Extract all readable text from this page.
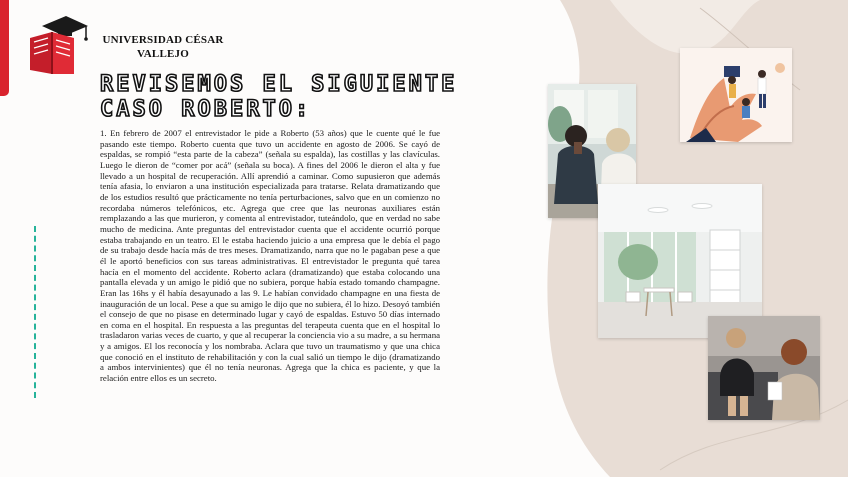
UNIVERSIDAD CÉSAR
VALLEJO
REVISEMOS EL SIGUIENTE
CASO ROBERTO:

1. En febrero de 2007 el entrevistador le pide a Roberto (53 años) que le cuente qué le fue pasando este tiempo. Roberto cuenta que tuvo un accidente en agosto de 2006. Se cayó de espaldas, se rompió “esta parte de la cabeza” (señala su espalda), las costillas y las clavículas. Luego le dieron de “comer por acá” (señala su boca). A fines del 2006 le dieron el alta y fue llevado a un hospital de recuperación. Allí aprendió a caminar. Como supusieron que además tenía afasia, lo enviaron a una institución especializada para tratarse. Relata dramatizando que de los estudios resultó que prácticamente no tenía perturbaciones, salvo que en un comienzo no recordaba números telefónicos, etc. Agrega que cree que las neuronas auxiliares están remplazando a las que murieron, y comenta al entrevistador, tuteándolo, que en verdad no sabe mucho de medicina. Ante preguntas del entrevistador cuenta que el accidente ocurrió porque estaba trabajando en un teatro. El le estaba haciendo juicio a una empresa que le debía el pago de su trabajo desde hacía más de tres meses. Dramatizando, narra que no le pagaban pese a que él le aportó beneficios con sus tareas administrativas. El entrevistador le pregunta qué tarea hacía en el momento del accidente. Roberto aclara (dramatizando) que estaba colocando una pantalla elevada y un amigo le pidió que no subiera, porque había estado tomando champagne. Eran las 16hs y él había desayunado a las 9. Le habían convidado champagne en una fiesta de inauguración de un local. Pese a que su amigo le dijo que no subiera, él lo hizo. Desoyó también el consejo de que no pisase en determinado lugar y cayó de espaldas. Estuvo 50 días internado en coma en el hospital. En respuesta a las preguntas del terapeuta cuenta que en el hospital lo trasladaron varias veces de cuarto, y que al recuperar la conciencia vio a su madre, a su hermana y a amigos. El los reconocía y los nombraba. Aclara que tuvo un traumatismo y que una chica que conoció en el instituto de rehabilitación y con la cual salió un tiempo le dijo (dramatizando a ambos intervinientes) que él no tenía neuronas. Agrega que la chica es paciente, y que la relación entre ellos es un secreto.
